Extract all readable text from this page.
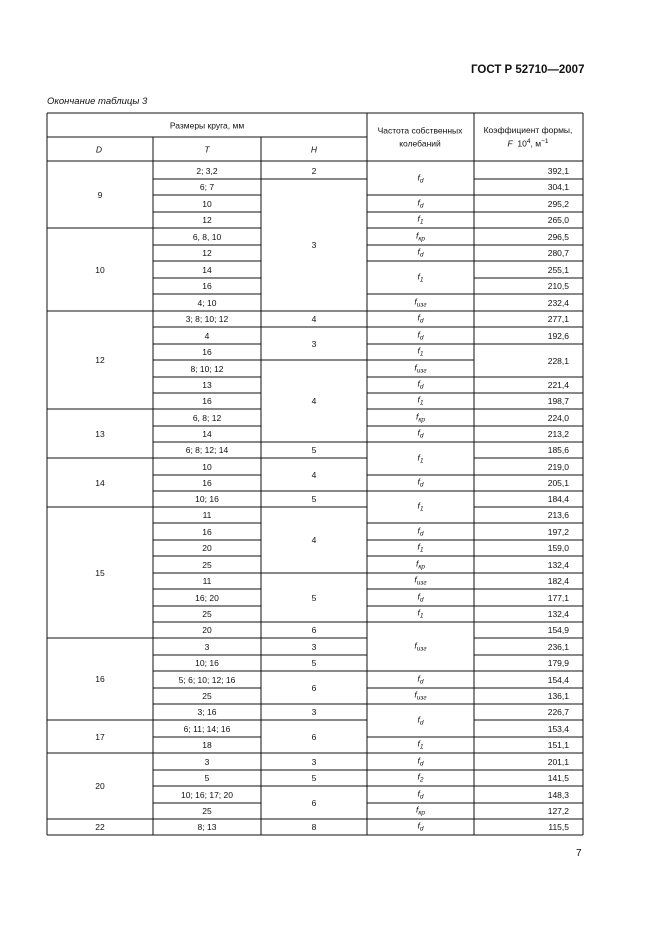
ГОСТ Р 52710—2007
Окончание таблицы 3
7
Размеры круга, мм
D	T	H
Частота собственных
колебаний
Коэффициент формы,
F $10^4$, $м^{-1}$
9
10
12
13
14
15
16
17
20
22
2; 3,2
6; 7
10
12
6, 8, 10
12
14
16
4; 10
3; 8; 10; 12
4
16
8; 10; 12
13
16
6, 8; 12
14
6; 8; 12; 14
10
16
10; 16
11
16
20
25
11
16; 20
25
20
3
10; 16
5; 6; 10; 12; 16
25
3; 16
6; 11; 14; 16
18
3
5
10; 16; 17; 20
25
8; 13
2
3
4
3
4
5
4
5
4
5
6
3
5
6
3
6
3
5
6
8
$f_d$
$f_d$
$f_1$
$f_{кр}$
$f_d$
$f_1$
$f_{изг}$
$f_d$
$f_d$
$f_1$
$f_{изг}$
$f_d$
$f_1$
$f_{кр}$
$f_d$
$f_1$
$f_d$
$f_1$
$f_d$
$f_1$
$f_{кр}$
$f_{изг}$
$f_d$
$f_1$
$f_{изг}$
$f_d$
$f_{изг}$
$f_d$
$f_1$
$f_d$
$f_2$
$f_d$
$f_{кр}$
$f_d$
392,1
304,1
295,2
265,0
296,5
280,7
255,1
210,5
232,4
277,1
192,6
228,1
221,4
198,7
224,0
213,2
185,6
219,0
205,1
184,4
213,6
197,2
159,0
132,4
182,4
177,1
132,4
154,9
236,1
179,9
154,4
136,1
226,7
153,4
151,1
201,1
141,5
148,3
127,2
115,5
